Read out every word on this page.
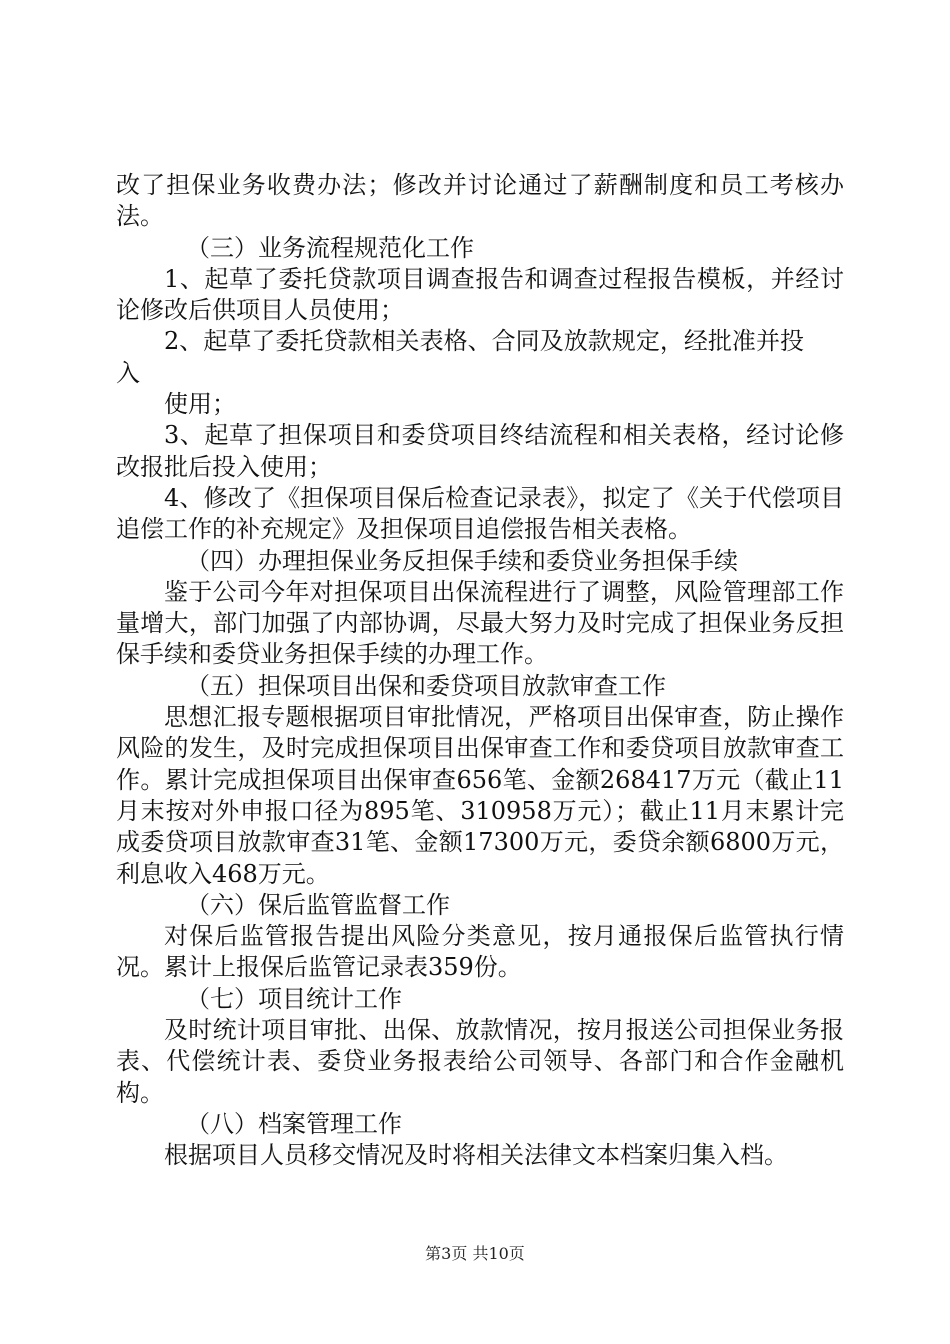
改了担保业务收费办法；修改并讨论通过了薪酬制度和员工考核办法。

（三）业务流程规范化工作

1、起草了委托贷款项目调查报告和调查过程报告模板，并经讨论修改后供项目人员使用；

2、起草了委托贷款相关表格、合同及放款规定，经批准并投入

使用；

3、起草了担保项目和委贷项目终结流程和相关表格，经讨论修改报批后投入使用；

4、修改了《担保项目保后检查记录表》，拟定了《关于代偿项目追偿工作的补充规定》及担保项目追偿报告相关表格。

（四）办理担保业务反担保手续和委贷业务担保手续

鉴于公司今年对担保项目出保流程进行了调整，风险管理部工作量增大，部门加强了内部协调，尽最大努力及时完成了担保业务反担保手续和委贷业务担保手续的办理工作。

（五）担保项目出保和委贷项目放款审查工作

思想汇报专题根据项目审批情况，严格项目出保审查，防止操作风险的发生，及时完成担保项目出保审查工作和委贷项目放款审查工作。累计完成担保项目出保审查656笔、金额268417万元（截止11月末按对外申报口径为895笔、310958万元）；截止11月末累计完成委贷项目放款审查31笔、金额17300万元，委贷余额6800万元，利息收入468万元。

（六）保后监管监督工作

对保后监管报告提出风险分类意见，按月通报保后监管执行情况。累计上报保后监管记录表359份。

（七）项目统计工作

及时统计项目审批、出保、放款情况，按月报送公司担保业务报表、代偿统计表、委贷业务报表给公司领导、各部门和合作金融机构。

（八）档案管理工作

根据项目人员移交情况及时将相关法律文本档案归集入档。

第3页 共10页
